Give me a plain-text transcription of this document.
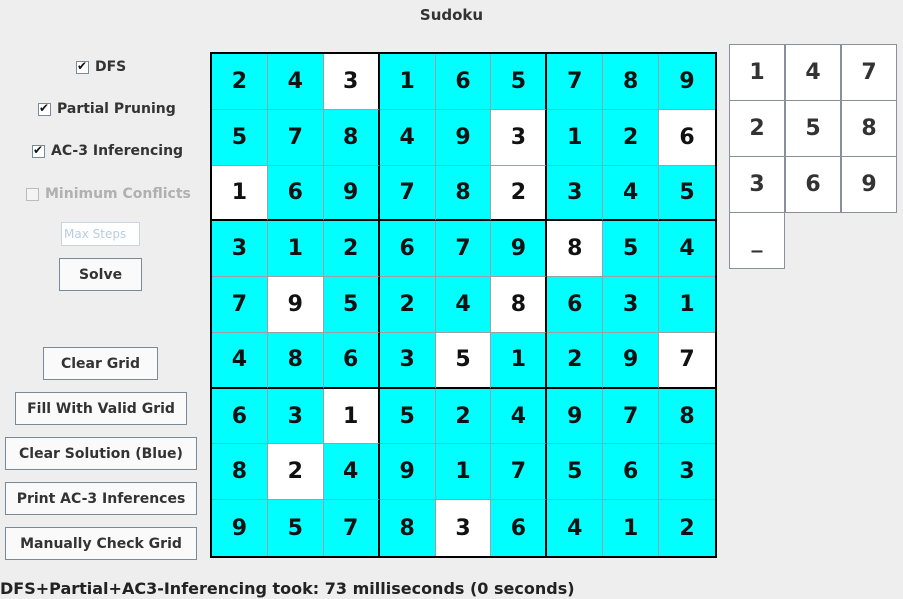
Sudoku
✔
DFS
✔
Partial Pruning
✔
AC-3 Inferencing
Minimum Conflicts
Max Steps
Solve
Clear Grid
Fill With Valid Grid
Clear Solution (Blue)
Print AC-3 Inferences
Manually Check Grid
2	4	3	1	6	5	7	8	9
5	7	8	4	9	3	1	2	6
1	6	9	7	8	2	3	4	5
3	1	2	6	7	9	8	5	4
7	9	5	2	4	8	6	3	1
4	8	6	3	5	1	2	9	7
6	3	1	5	2	4	9	7	8
8	2	4	9	1	7	5	6	3
9	5	7	8	3	6	4	1	2
1	4	7
2	5	8
3	6	9
_
DFS+Partial+AC3-Inferencing took: 73 milliseconds (0 seconds)
